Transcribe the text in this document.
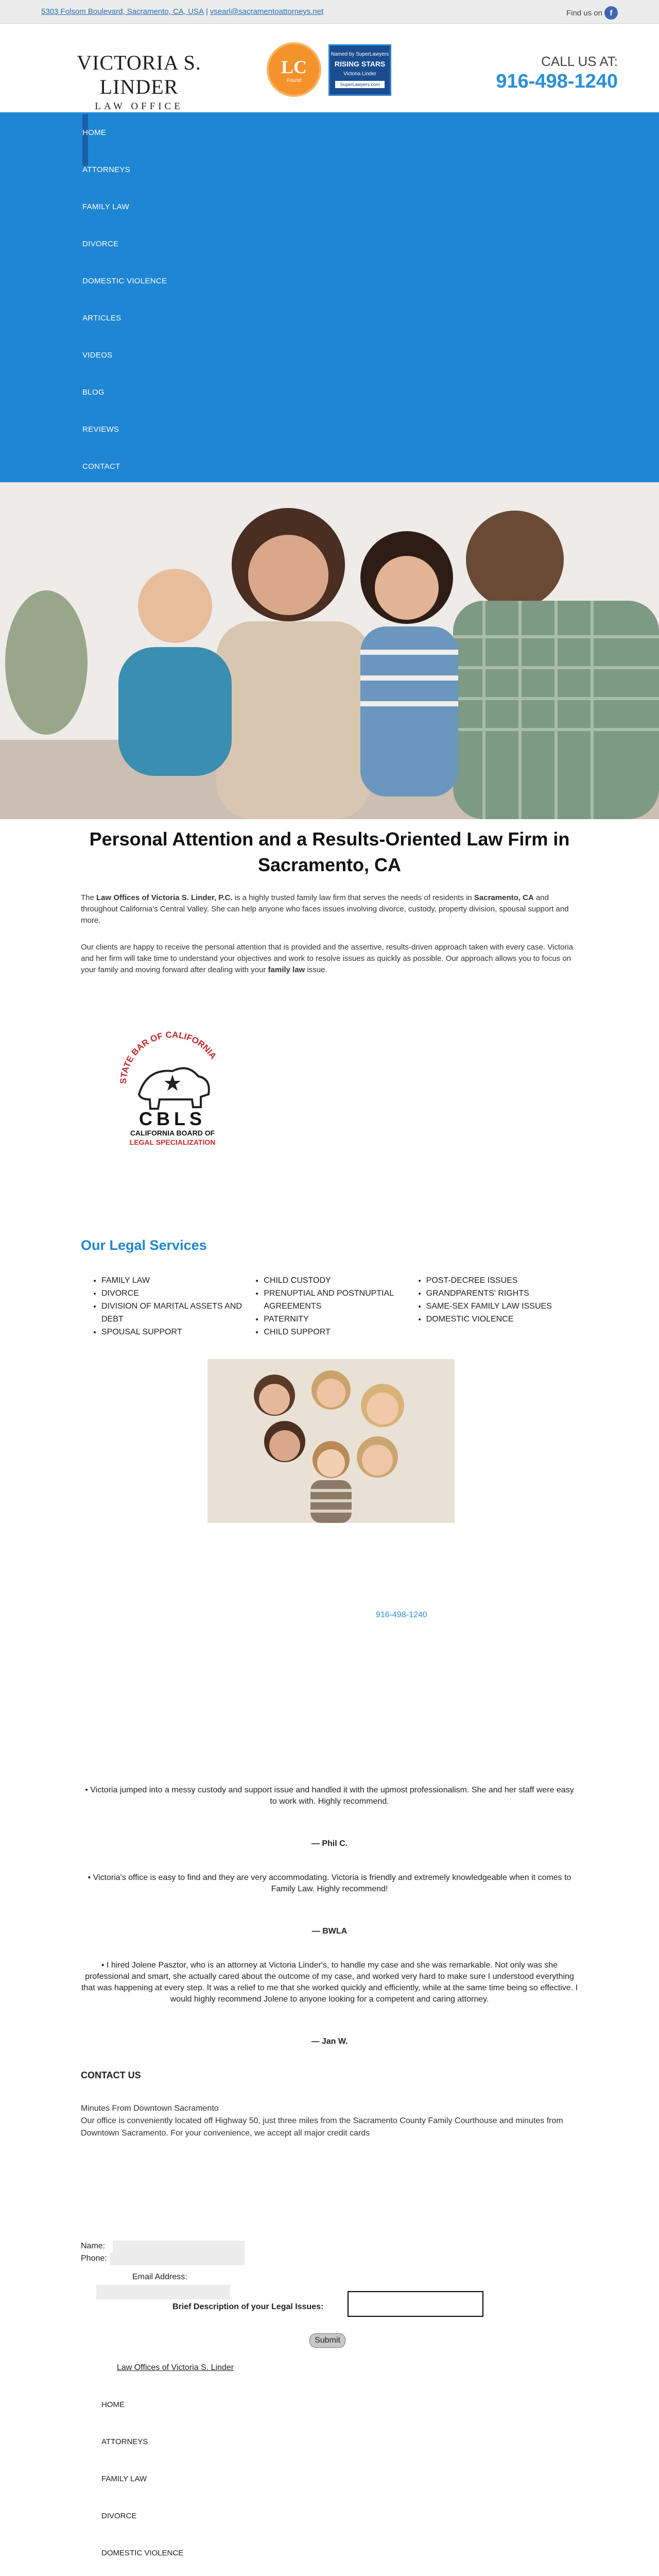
5303 Folsom Boulevard, Sacramento, CA, USA | vsearl@sacramentoattorneys.net	Find us on f
VICTORIA S. LINDER
LAW OFFICE
LC
Found
Named by SuperLawyers
RISING STARS
Victoria Linder
SuperLawyers.com
CALL US AT:
916-498-1240
HOME
ATTORNEYS
FAMILY LAW
DIVORCE
DOMESTIC VIOLENCE
ARTICLES
VIDEOS
BLOG
REVIEWS
CONTACT
Personal Attention and a Results-Oriented Law Firm in Sacramento, CA

The Law Offices of Victoria S. Linder, P.C. is a highly trusted family law firm that serves the needs of residents in Sacramento, CA and throughout California's Central Valley. She can help anyone who faces issues involving divorce, custody, property division, spousal support and more.

Our clients are happy to receive the personal attention that is provided and the assertive, results-driven approach taken with every case. Victoria and her firm will take time to understand your objectives and work to resolve issues as quickly as possible. Our approach allows you to focus on your family and moving forward after dealing with your family law issue.

STATE BAR OF CALIFORNIA
CBLS
CALIFORNIA BOARD OF
LEGAL SPECIALIZATION
Our Legal Services
• FAMILY LAW
• DIVORCE
• DIVISION OF MARITAL ASSETS AND DEBT
• SPOUSAL SUPPORT
• CHILD CUSTODY
• PRENUPTIAL AND POSTNUPTIAL AGREEMENTS
• PATERNITY
• CHILD SUPPORT
• POST-DECREE ISSUES
• GRANDPARENTS' RIGHTS
• SAME-SEX FAMILY LAW ISSUES
• DOMESTIC VIOLENCE
916-498-1240
• Victoria jumped into a messy custody and support issue and handled it with the upmost professionalism. She and her staff were easy to work with. Highly recommend.
— Phil C.
• Victoria's office is easy to find and they are very accommodating. Victoria is friendly and extremely knowledgeable when it comes to Family Law. Highly recommend!
— BWLA
• I hired Jolene Pasztor, who is an attorney at Victoria Linder's, to handle my case and she was remarkable. Not only was she professional and smart, she actually cared about the outcome of my case, and worked very hard to make sure I understood everything that was happening at every step. It was a relief to me that she worked quickly and efficiently, while at the same time being so effective. I would highly recommend Jolene to anyone looking for a competent and caring attorney.
— Jan W.
CONTACT US
Minutes From Downtown Sacramento
Our office is conveniently located off Highway 50, just three miles from the Sacramento County Family Courthouse and minutes from Downtown Sacramento. For your convenience, we accept all major credit cards
Name:
Phone:
Email Address:
Brief Description of your Legal Issues:
Submit
Law Offices of Victoria S. Linder
HOME
ATTORNEYS
FAMILY LAW
DIVORCE
DOMESTIC VIOLENCE
